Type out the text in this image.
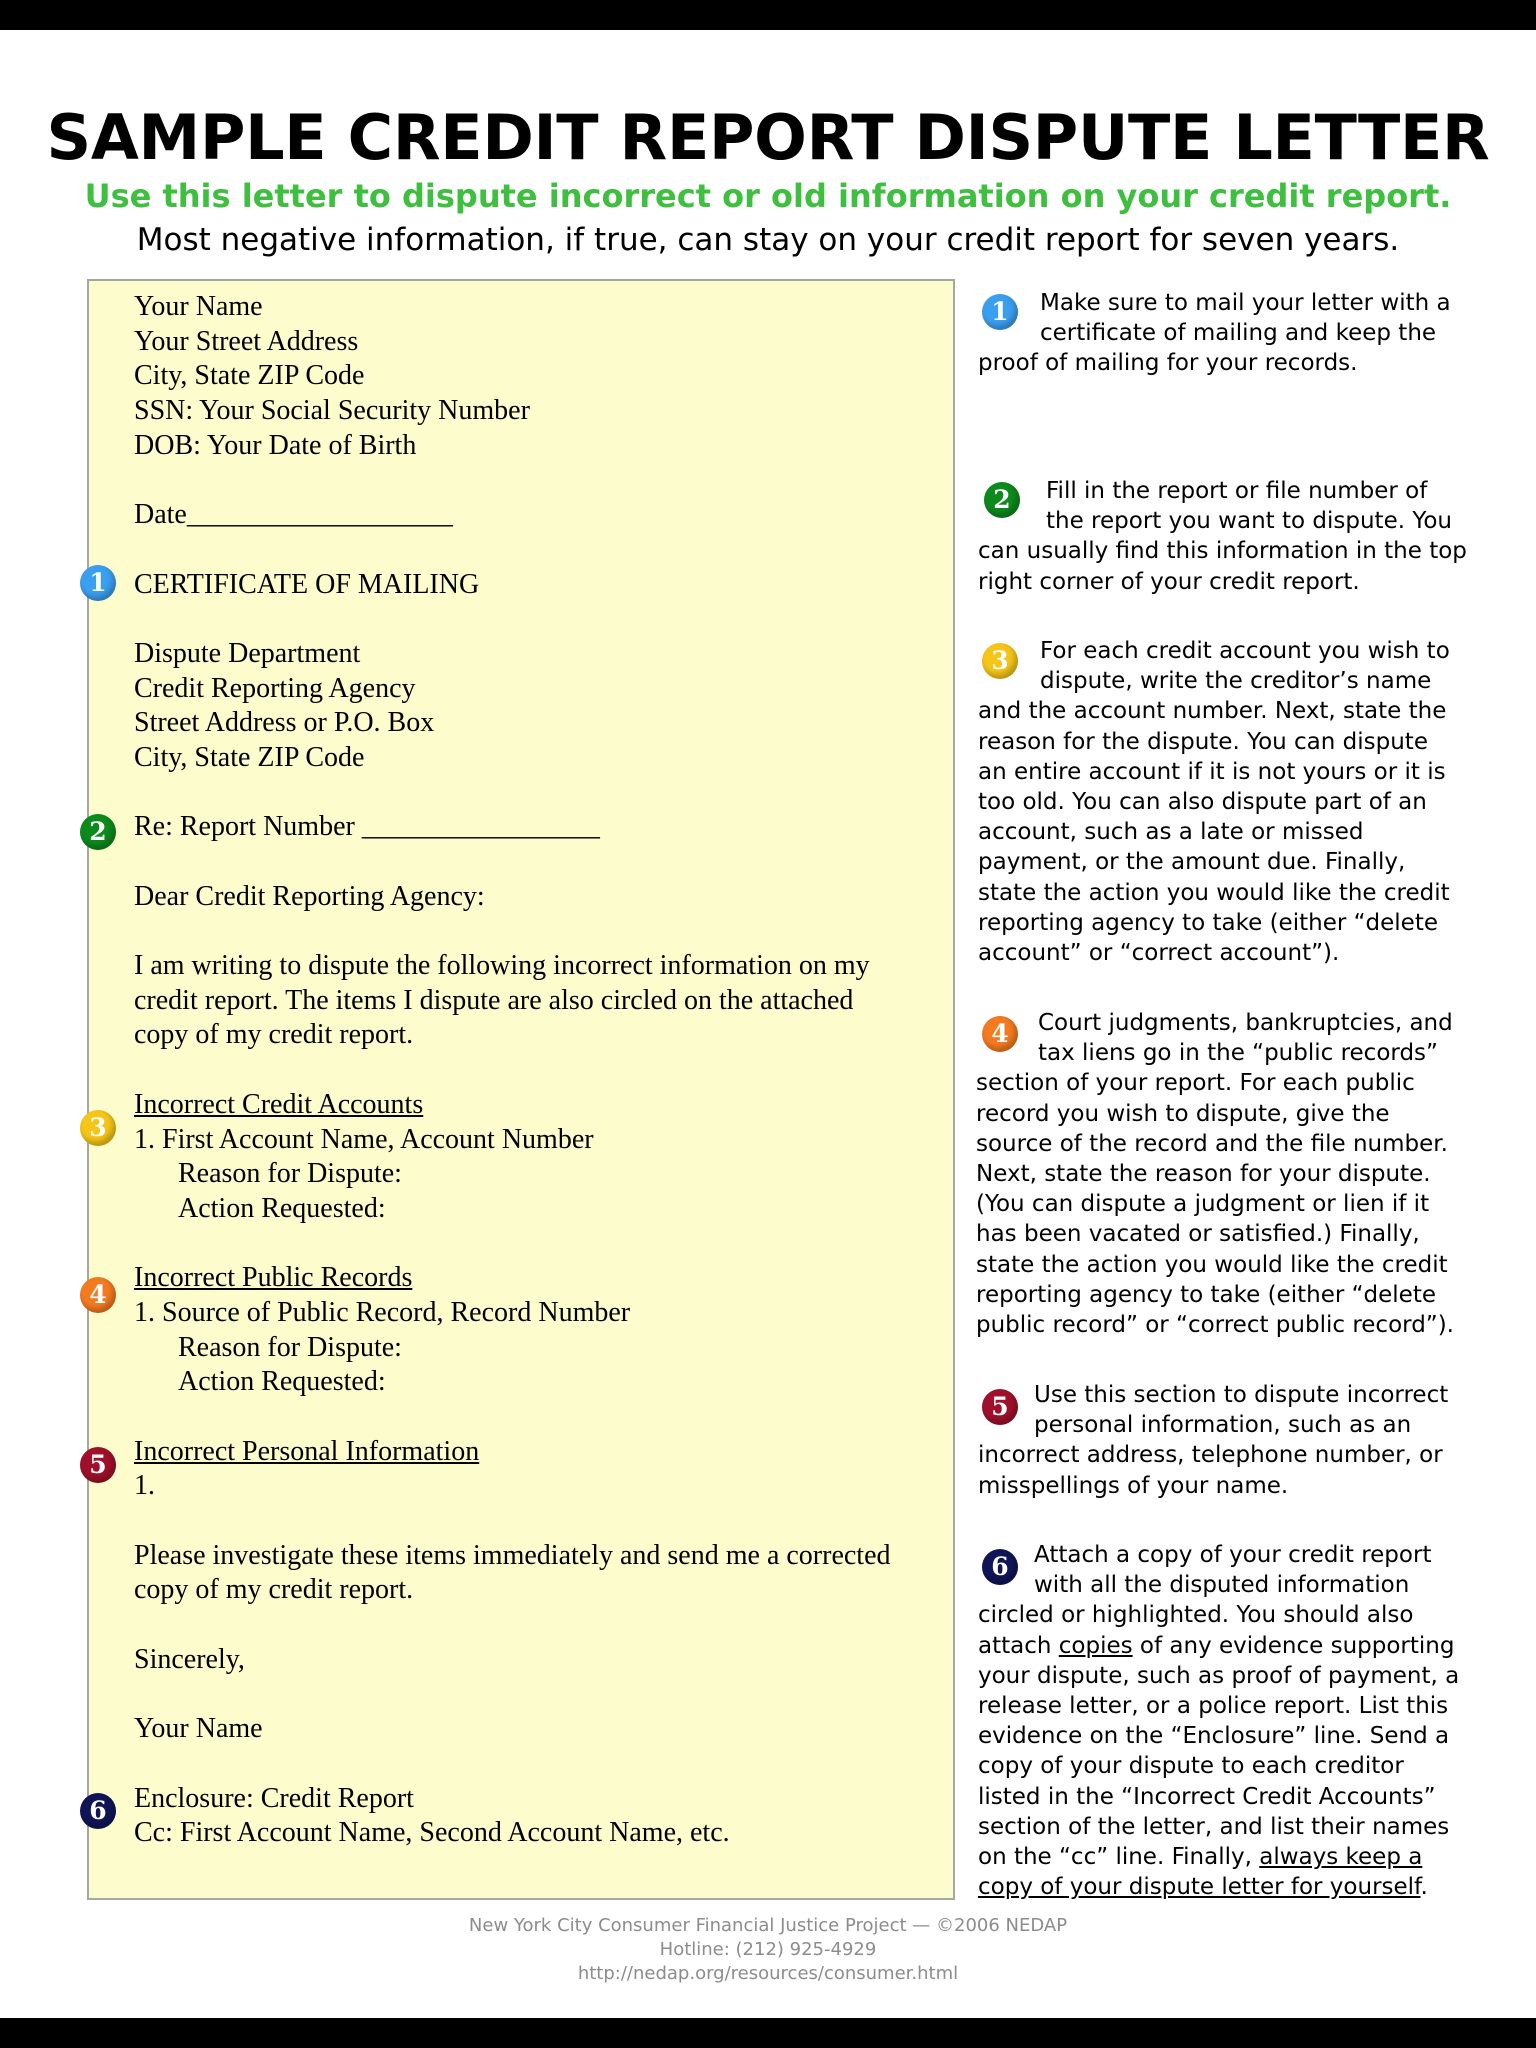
SAMPLE CREDIT REPORT DISPUTE LETTER
Use this letter to dispute incorrect or old information on your credit report.
Most negative information, if true, can stay on your credit report for seven years.
1
2
3
4
5
6
Your Name
Your Street Address
City, State ZIP Code
SSN: Your Social Security Number
DOB: Your Date of Birth
Date___________________
CERTIFICATE OF MAILING
Dispute Department
Credit Reporting Agency
Street Address or P.O. Box
City, State ZIP Code
Re: Report Number _________________
Dear Credit Reporting Agency:
I am writing to dispute the following incorrect information on my
credit report. The items I dispute are also circled on the attached
copy of my credit report.
Incorrect Credit Accounts
1. First Account Name, Account Number
Reason for Dispute:
Action Requested:
Incorrect Public Records
1. Source of Public Record, Record Number
Reason for Dispute:
Action Requested:
Incorrect Personal Information
1.
Please investigate these items immediately and send me a corrected
copy of my credit report.
Sincerely,
Your Name
Enclosure: Credit Report
Cc: First Account Name, Second Account Name, etc.
1	Make sure to mail your letter with a
certificate of mailing and keep the
proof of mailing for your records.
2	Fill in the report or file number of
the report you want to dispute. You
can usually find this information in the top
right corner of your credit report.
3	For each credit account you wish to
dispute, write the creditor’s name
and the account number. Next, state the
reason for the dispute. You can dispute
an entire account if it is not yours or it is
too old. You can also dispute part of an
account, such as a late or missed
payment, or the amount due. Finally,
state the action you would like the credit
reporting agency to take (either “delete
account” or “correct account”).
4	Court judgments, bankruptcies, and
tax liens go in the “public records”
section of your report. For each public
record you wish to dispute, give the
source of the record and the file number.
Next, state the reason for your dispute.
(You can dispute a judgment or lien if it
has been vacated or satisfied.) Finally,
state the action you would like the credit
reporting agency to take (either “delete
public record” or “correct public record”).
5	Use this section to dispute incorrect
personal information, such as an
incorrect address, telephone number, or
misspellings of your name.
6	Attach a copy of your credit report
with all the disputed information
circled or highlighted. You should also
attach copies of any evidence supporting
your dispute, such as proof of payment, a
release letter, or a police report. List this
evidence on the “Enclosure” line. Send a
copy of your dispute to each creditor
listed in the “Incorrect Credit Accounts”
section of the letter, and list their names
on the “cc” line. Finally, always keep a
copy of your dispute letter for yourself.
New York City Consumer Financial Justice Project — ©2006 NEDAP
Hotline: (212) 925-4929
http://nedap.org/resources/consumer.html
